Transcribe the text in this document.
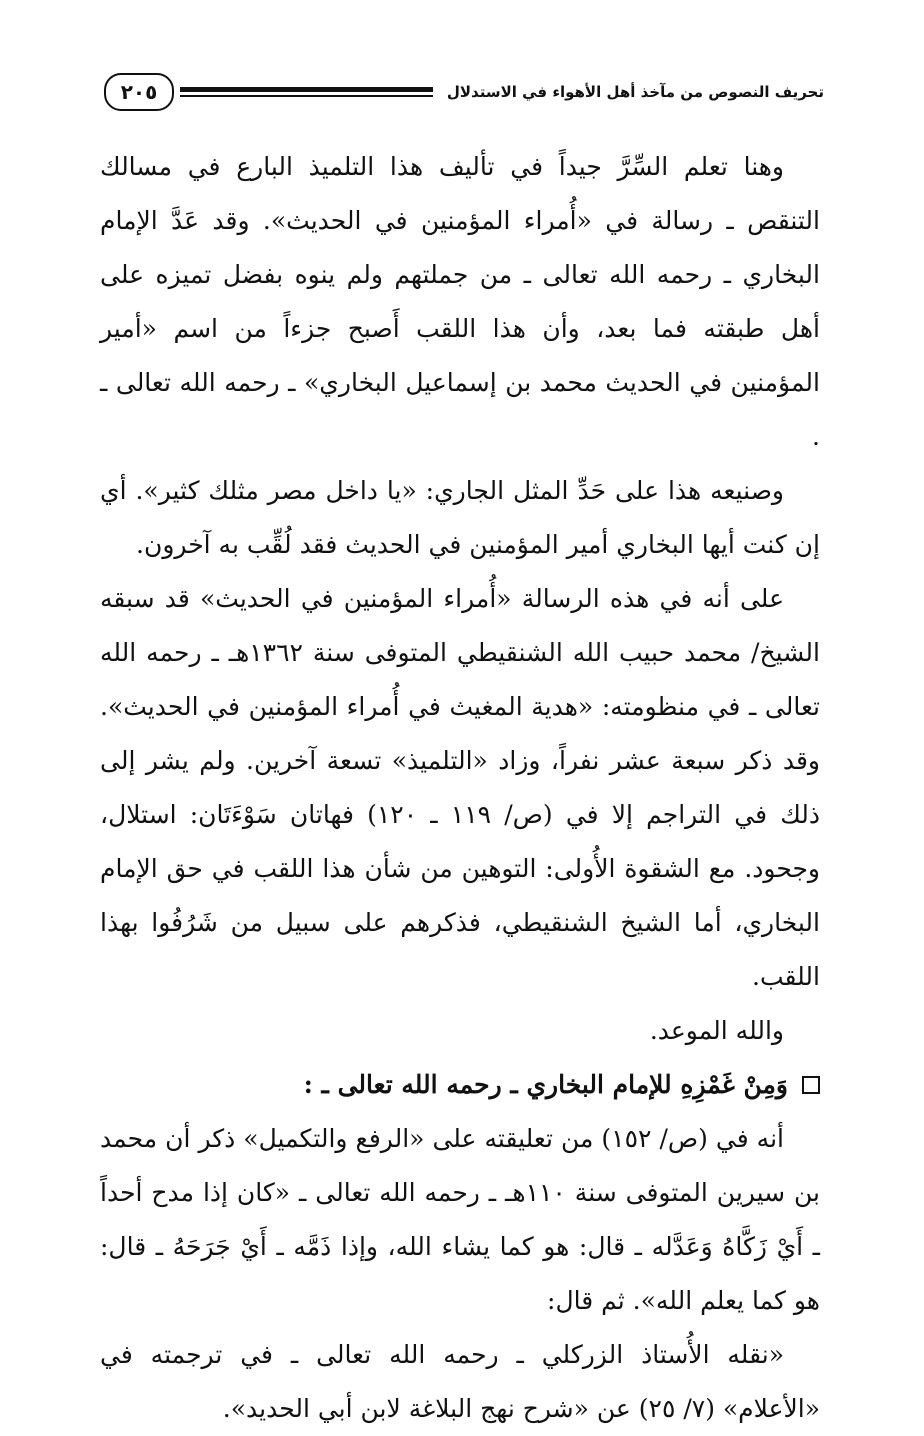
تحريف النصوص من مآخذ أهل الأهواء في الاستدلال
٢٠٥

وهنا تعلم السِّرَّ جيداً في تأليف هذا التلميذ البارع في مسالك التنقص ـ رسالة في «أُمراء المؤمنين في الحديث». وقد عَدَّ الإمام البخاري ـ رحمه الله تعالى ـ من جملتهم ولم ينوه بفضل تميزه على أهل طبقته فما بعد، وأن هذا اللقب أَصبح جزءاً من اسم «أمير المؤمنين في الحديث محمد بن إسماعيل البخاري» ـ رحمه الله تعالى ـ .

وصنيعه هذا على حَدِّ المثل الجاري: «يا داخل مصر مثلك كثير». أي إن كنت أيها البخاري أمير المؤمنين في الحديث فقد لُقِّب به آخرون.

على أنه في هذه الرسالة «أُمراء المؤمنين في الحديث» قد سبقه الشيخ/ محمد حبيب الله الشنقيطي المتوفى سنة ١٣٦٢هـ ـ رحمه الله تعالى ـ في منظومته: «هدية المغيث في أُمراء المؤمنين في الحديث». وقد ذكر سبعة عشر نفراً، وزاد «التلميذ» تسعة آخرين. ولم يشر إلى ذلك في التراجم إلا في (ص/ ١١٩ ـ ١٢٠) فهاتان سَوْءَتَان: استلال، وجحود. مع الشقوة الأُولى: التوهين من شأن هذا اللقب في حق الإمام البخاري، أما الشيخ الشنقيطي، فذكرهم على سبيل من شَرُفُوا بهذا اللقب.

والله الموعد.

وَمِنْ غَمْزِهِ للإمام البخاري ـ رحمه الله تعالى ـ :

أنه في (ص/ ١٥٢) من تعليقته على «الرفع والتكميل» ذكر أن محمد بن سيرين المتوفى سنة ١١٠هـ ـ رحمه الله تعالى ـ «كان إذا مدح أحداً ـ أَيْ زَكَّاهُ وَعَدَّله ـ قال: هو كما يشاء الله، وإذا ذَمَّه ـ أَيْ جَرَحَهُ ـ قال: هو كما يعلم الله». ثم قال:

«نقله الأُستاذ الزركلي ـ رحمه الله تعالى ـ في ترجمته في «الأعلام» (٧/ ٢٥) عن «شرح نهج البلاغة لابن أبي الحديد».
